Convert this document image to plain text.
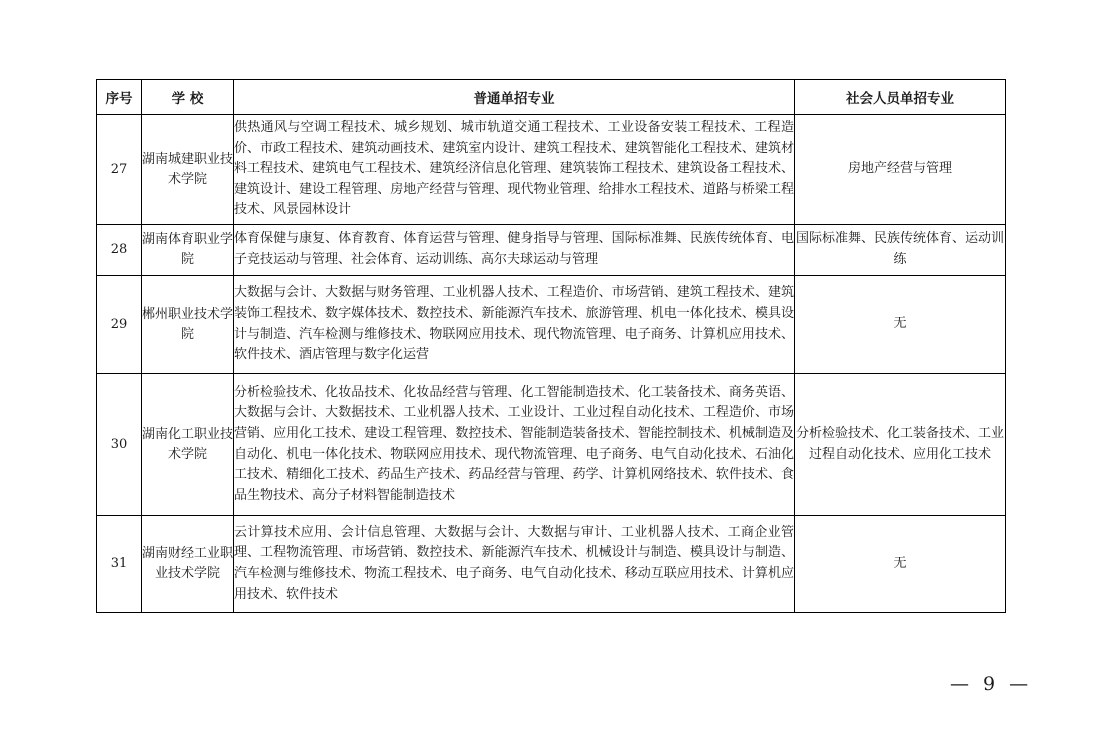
序号	学 校	普通单招专业	社会人员单招专业
27	湖南城建职业技术学院	供热通风与空调工程技术、城乡规划、城市轨道交通工程技术、工业设备安装工程技术、工程造价、市政工程技术、建筑动画技术、建筑室内设计、建筑工程技术、建筑智能化工程技术、建筑材料工程技术、建筑电气工程技术、建筑经济信息化管理、建筑装饰工程技术、建筑设备工程技术、建筑设计、建设工程管理、房地产经营与管理、现代物业管理、给排水工程技术、道路与桥梁工程技术、风景园林设计	房地产经营与管理
28	湖南体育职业学院	体育保健与康复、体育教育、体育运营与管理、健身指导与管理、国际标准舞、民族传统体育、电子竞技运动与管理、社会体育、运动训练、高尔夫球运动与管理	国际标准舞、民族传统体育、运动训练
29	郴州职业技术学院	大数据与会计、大数据与财务管理、工业机器人技术、工程造价、市场营销、建筑工程技术、建筑装饰工程技术、数字媒体技术、数控技术、新能源汽车技术、旅游管理、机电一体化技术、模具设计与制造、汽车检测与维修技术、物联网应用技术、现代物流管理、电子商务、计算机应用技术、软件技术、酒店管理与数字化运营	无
30	湖南化工职业技术学院	分析检验技术、化妆品技术、化妆品经营与管理、化工智能制造技术、化工装备技术、商务英语、大数据与会计、大数据技术、工业机器人技术、工业设计、工业过程自动化技术、工程造价、市场营销、应用化工技术、建设工程管理、数控技术、智能制造装备技术、智能控制技术、机械制造及自动化、机电一体化技术、物联网应用技术、现代物流管理、电子商务、电气自动化技术、石油化工技术、精细化工技术、药品生产技术、药品经营与管理、药学、计算机网络技术、软件技术、食品生物技术、高分子材料智能制造技术	分析检验技术、化工装备技术、工业过程自动化技术、应用化工技术
31	湖南财经工业职业技术学院	云计算技术应用、会计信息管理、大数据与会计、大数据与审计、工业机器人技术、工商企业管理、工程物流管理、市场营销、数控技术、新能源汽车技术、机械设计与制造、模具设计与制造、汽车检测与维修技术、物流工程技术、电子商务、电气自动化技术、移动互联应用技术、计算机应用技术、软件技术	无
— 9 —
